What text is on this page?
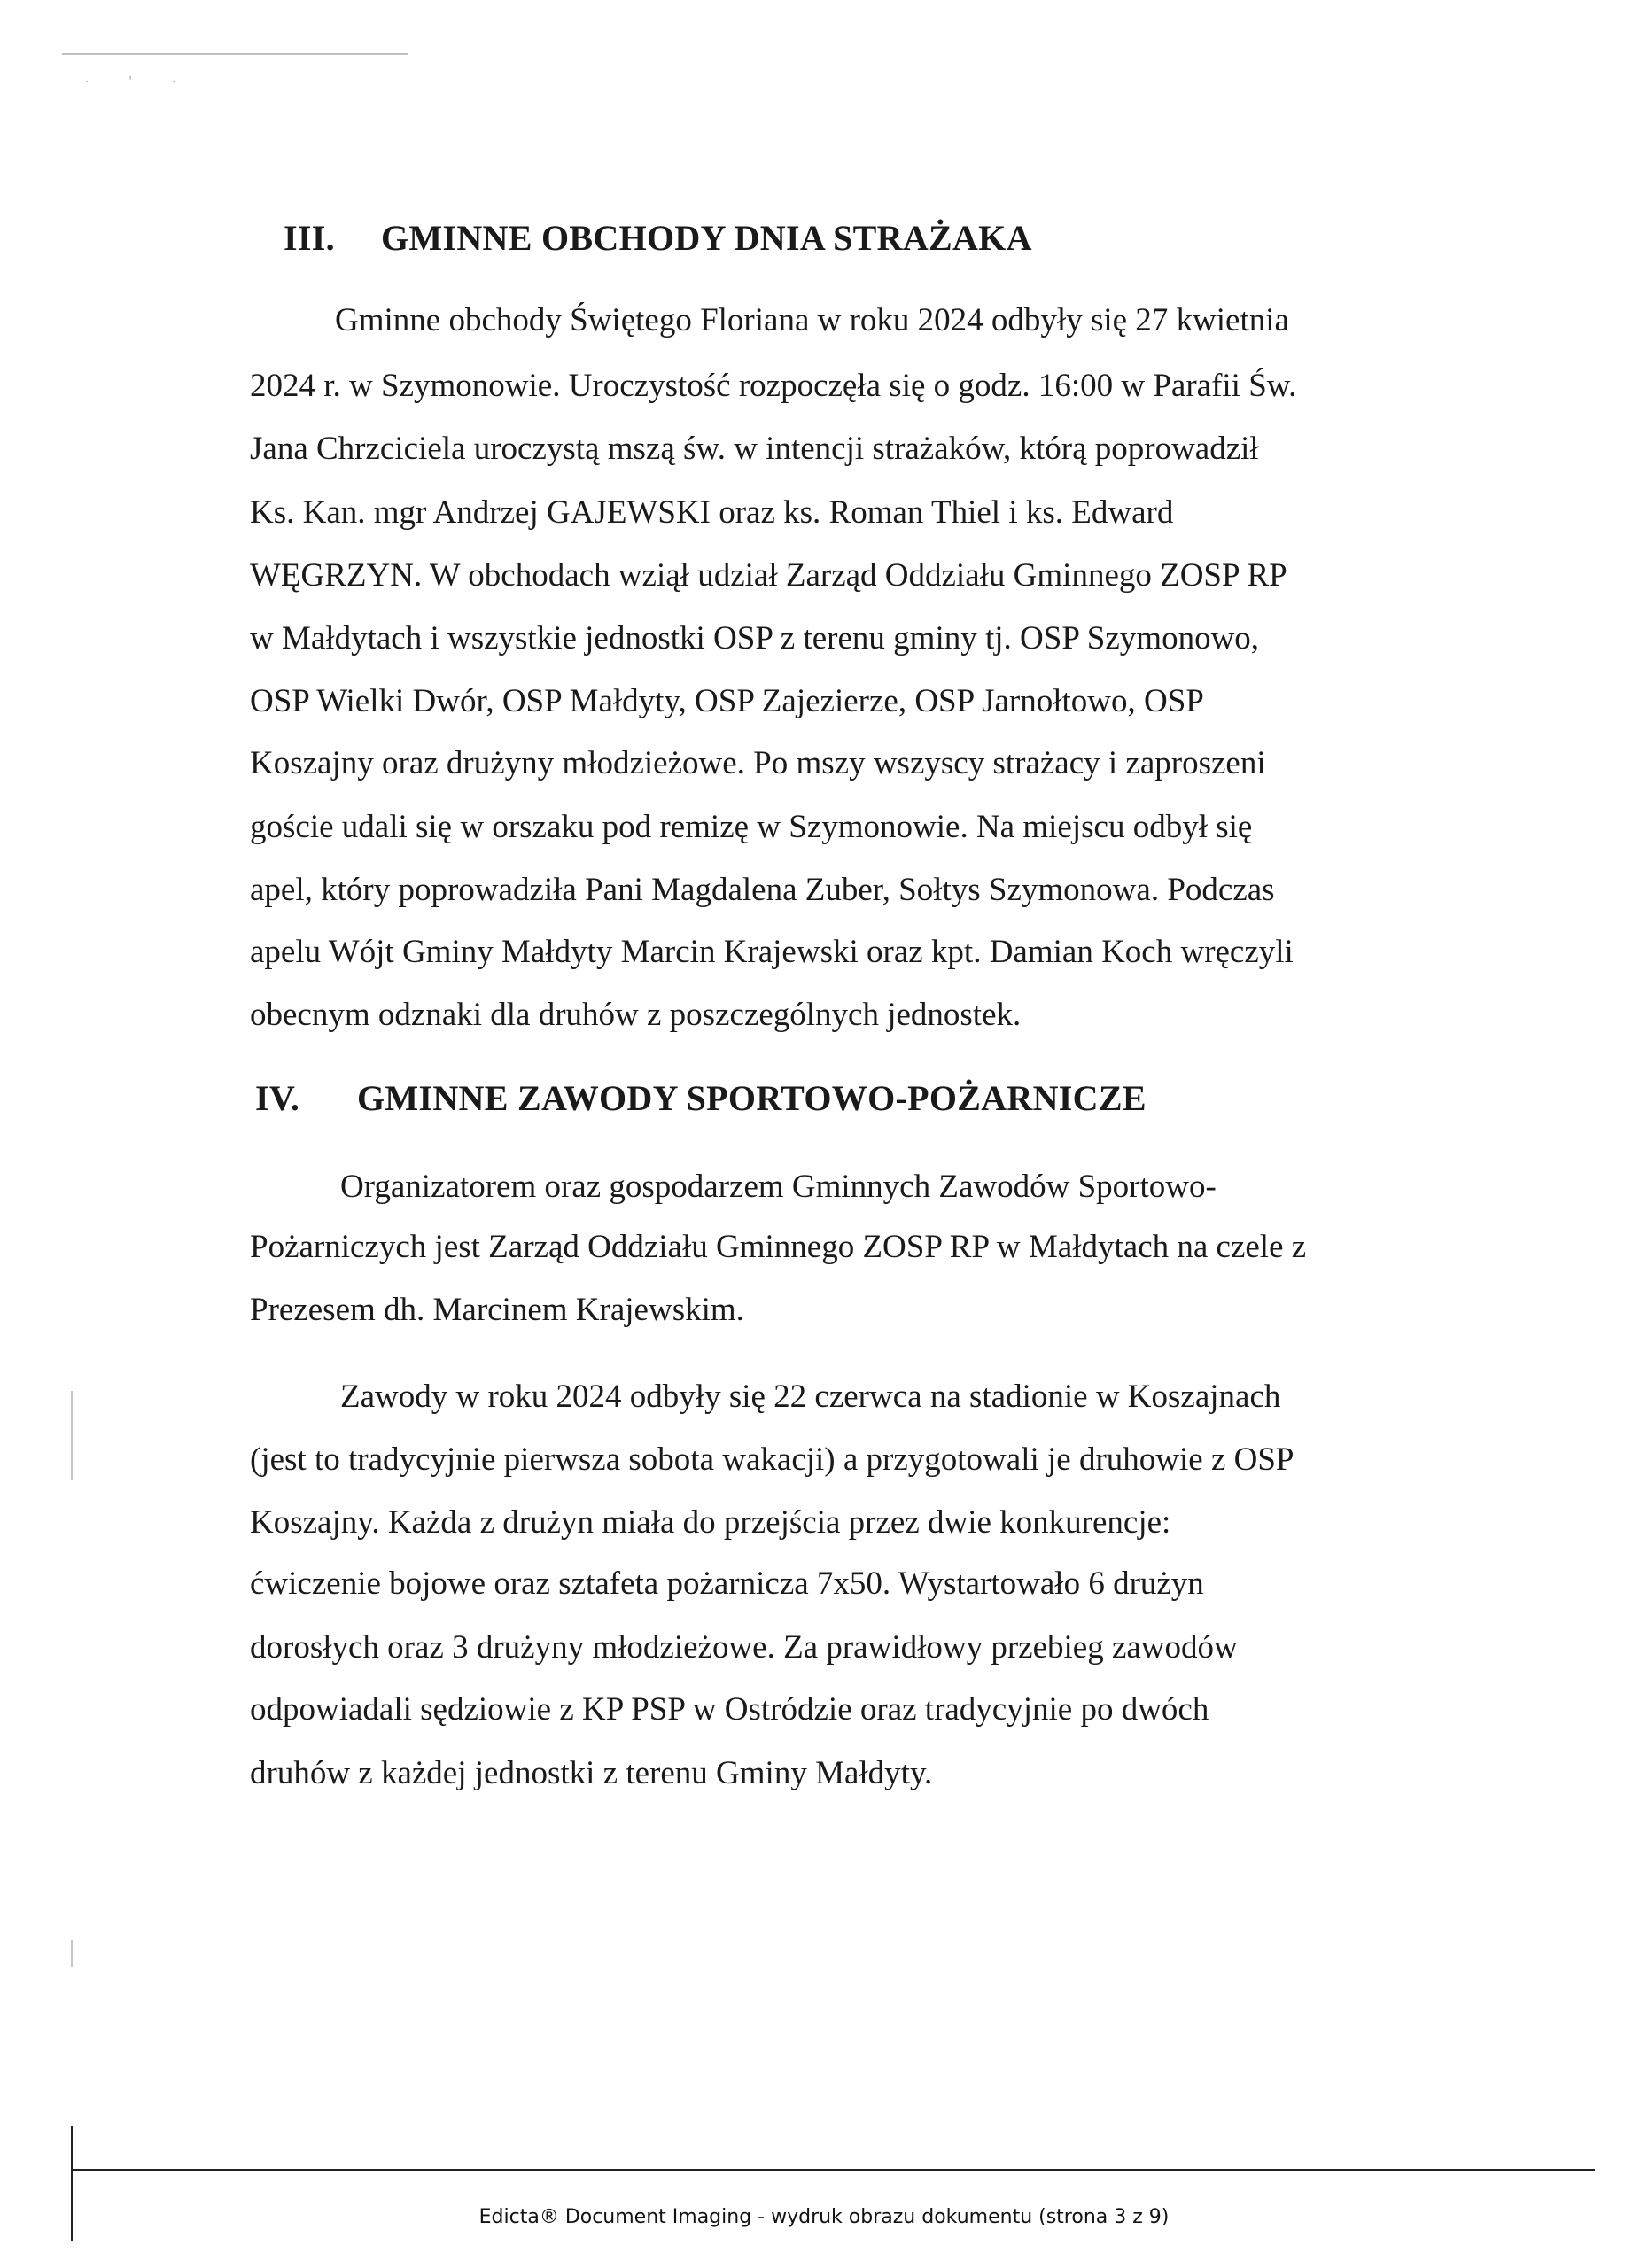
· ' ·
III. GMINNE OBCHODY DNIA STRAŻAKA
Gminne obchody Świętego Floriana w roku 2024 odbyły się 27 kwietnia
2024 r. w Szymonowie. Uroczystość rozpoczęła się o godz. 16:00 w Parafii Św.
Jana Chrzciciela uroczystą mszą św. w intencji strażaków, którą poprowadził
Ks. Kan. mgr Andrzej GAJEWSKI oraz ks. Roman Thiel i ks. Edward
WĘGRZYN. W obchodach wziął udział Zarząd Oddziału Gminnego ZOSP RP
w Małdytach i wszystkie jednostki OSP z terenu gminy tj. OSP Szymonowo,
OSP Wielki Dwór, OSP Małdyty, OSP Zajezierze, OSP Jarnołtowo, OSP
Koszajny oraz drużyny młodzieżowe. Po mszy wszyscy strażacy i zaproszeni
goście udali się w orszaku pod remizę w Szymonowie. Na miejscu odbył się
apel, który poprowadziła Pani Magdalena Zuber, Sołtys Szymonowa. Podczas
apelu Wójt Gminy Małdyty Marcin Krajewski oraz kpt. Damian Koch wręczyli
obecnym odznaki dla druhów z poszczególnych jednostek.
IV. GMINNE ZAWODY SPORTOWO-POŻARNICZE
Organizatorem oraz gospodarzem Gminnych Zawodów Sportowo-
Pożarniczych jest Zarząd Oddziału Gminnego ZOSP RP w Małdytach na czele z
Prezesem dh. Marcinem Krajewskim.
Zawody w roku 2024 odbyły się 22 czerwca na stadionie w Koszajnach
(jest to tradycyjnie pierwsza sobota wakacji) a przygotowali je druhowie z OSP
Koszajny. Każda z drużyn miała do przejścia przez dwie konkurencje:
ćwiczenie bojowe oraz sztafeta pożarnicza 7x50. Wystartowało 6 drużyn
dorosłych oraz 3 drużyny młodzieżowe. Za prawidłowy przebieg zawodów
odpowiadali sędziowie z KP PSP w Ostródzie oraz tradycyjnie po dwóch
druhów z każdej jednostki z terenu Gminy Małdyty.
Edicta® Document Imaging - wydruk obrazu dokumentu (strona 3 z 9)
